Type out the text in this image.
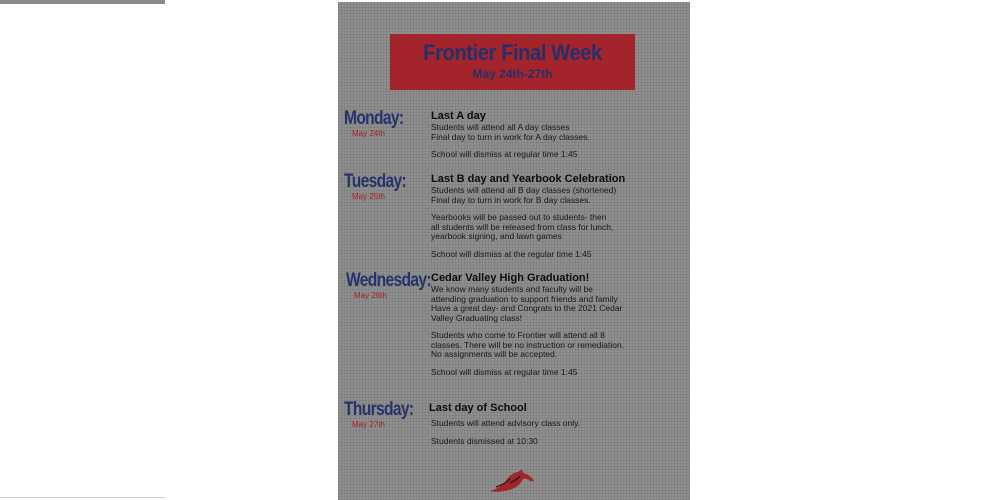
Frontier Final Week
May 24th-27th
Monday:
May 24th
Last A day
Students will attend all A day classes
Final day to turn in work for A day classes.
School will dismiss at regular time 1:45
Tuesday:
May 25th
Last B day and Yearbook Celebration
Students will attend all B day classes (shortened)
Final day to turn in work for B day classes.
Yearbooks will be passed out to students- then
all students will be released from class for lunch,
yearbook signing, and lawn games
School will dismiss at the regular time 1:45
Wednesday:
May 26th
Cedar Valley High Graduation!
We know many students and faculty will be
attending graduation to support friends and family
Have a great day- and Congrats to the 2021 Cedar
Valley Graduating class!
Students who come to Frontier will attend all 8
classes. There will be no instruction or remediation.
No assignments will be accepted.
School will dismiss at regular time 1:45
Thursday:
May 27th
Last day of School
Students will attend advisory class only.
Students dismissed at 10:30
